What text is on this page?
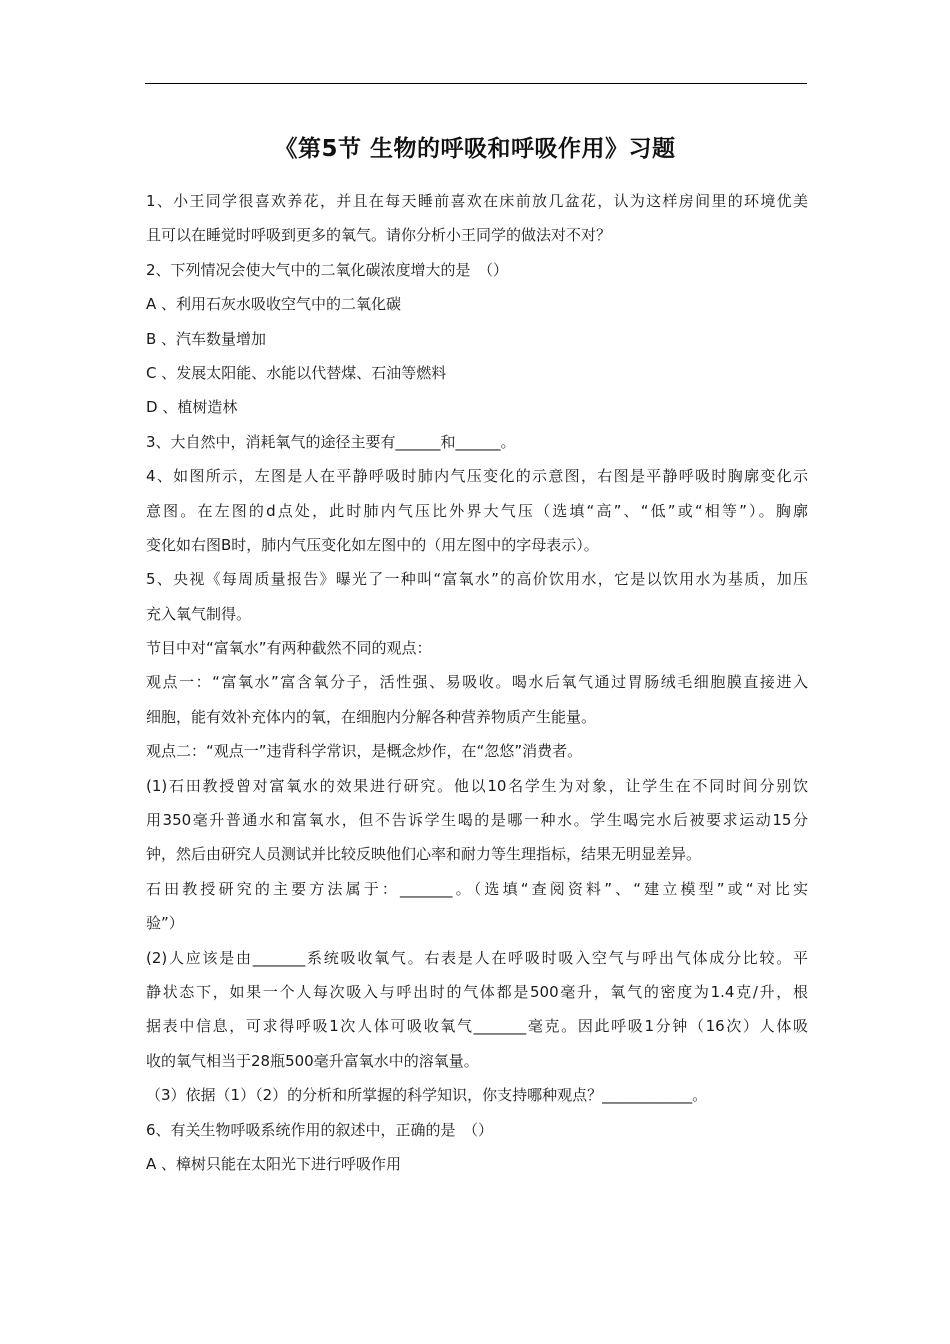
《第5节 生物的呼吸和呼吸作用》习题
1、小王同学很喜欢养花，并且在每天睡前喜欢在床前放几盆花，认为这样房间里的环境优美
且可以在睡觉时呼吸到更多的氧气。请你分析小王同学的做法对不对？
2、下列情况会使大气中的二氧化碳浓度增大的是　（）
A 、利用石灰水吸收空气中的二氧化碳
B 、汽车数量增加
C 、发展太阳能、水能以代替煤、石油等燃料
D 、植树造林
3、大自然中，消耗氧气的途径主要有______和______。
4、如图所示，左图是人在平静呼吸时肺内气压变化的示意图，右图是平静呼吸时胸廓变化示
意图。在左图的d点处，此时肺内气压比外界大气压（选填“高”、“低”或“相等”）。胸廓
变化如右图B时，肺内气压变化如左图中的（用左图中的字母表示）。
5、央视《每周质量报告》曝光了一种叫“富氧水”的高价饮用水，它是以饮用水为基质，加压
充入氧气制得。
节目中对“富氧水”有两种截然不同的观点：
观点一：“富氧水”富含氧分子，活性强、易吸收。喝水后氧气通过胃肠绒毛细胞膜直接进入
细胞，能有效补充体内的氧，在细胞内分解各种营养物质产生能量。
观点二：“观点一”违背科学常识，是概念炒作，在“忽悠”消费者。
(1)石田教授曾对富氧水的效果进行研究。他以10名学生为对象，让学生在不同时间分别饮
用350毫升普通水和富氧水，但不告诉学生喝的是哪一种水。学生喝完水后被要求运动15分
钟，然后由研究人员测试并比较反映他们心率和耐力等生理指标，结果无明显差异。
石田教授研究的主要方法属于：_______。（选填“查阅资料”、“建立模型”或“对比实
验”）
(2)人应该是由_______系统吸收氧气。右表是人在呼吸时吸入空气与呼出气体成分比较。平
静状态下，如果一个人每次吸入与呼出时的气体都是500毫升，氧气的密度为1.4克/升，根
据表中信息，可求得呼吸1次人体可吸收氧气_______毫克。因此呼吸1分钟（16次）人体吸
收的氧气相当于28瓶500毫升富氧水中的溶氧量。
（3）依据（1）（2）的分析和所掌握的科学知识，你支持哪种观点？____________。
6、有关生物呼吸系统作用的叙述中，正确的是　（）
A 、樟树只能在太阳光下进行呼吸作用
